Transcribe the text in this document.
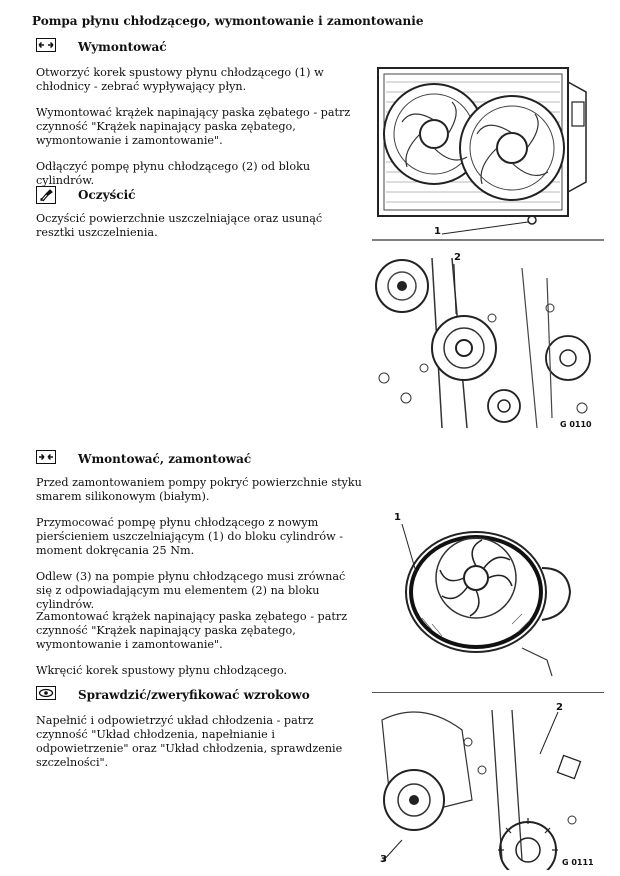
Pompa płynu chłodzącego, wymontowanie i zamontowanie
Wymontować
Otworzyć korek spustowy płynu chłodzącego (1) w chłodnicy - zebrać wypływający płyn.
Wymontować krążek napinający paska zębatego - patrz czynność "Krążek napinający paska zębatego, wymontowanie i zamontowanie".
Odłączyć pompę płynu chłodzącego (2) od bloku cylindrów.
Oczyścić
Oczyścić powierzchnie uszczelniające oraz usunąć resztki uszczelnienia.
Wmontować, zamontować
Przed zamontowaniem pompy pokryć powierzchnie styku smarem silikonowym (białym).
Przymocować pompę płynu chłodzącego z nowym pierścieniem uszczelniającym (1) do bloku cylindrów - moment dokręcania 25 Nm.
Odlew (3) na pompie płynu chłodzącego musi zrównać się z odpowiadającym mu elementem (2) na bloku cylindrów.
Zamontować krążek napinający paska zębatego - patrz czynność "Krążek napinający paska zębatego, wymontowanie i zamontowanie".
Wkręcić korek spustowy płynu chłodzącego.
Sprawdzić/zweryfikować wzrokowo
Napełnić i odpowietrzyć układ chłodzenia - patrz czynność "Układ chłodzenia, napełnianie i odpowietrzenie" oraz "Układ chłodzenia, sprawdzenie szczelności".
1
2
G 0110
1
2
3	G 0111
